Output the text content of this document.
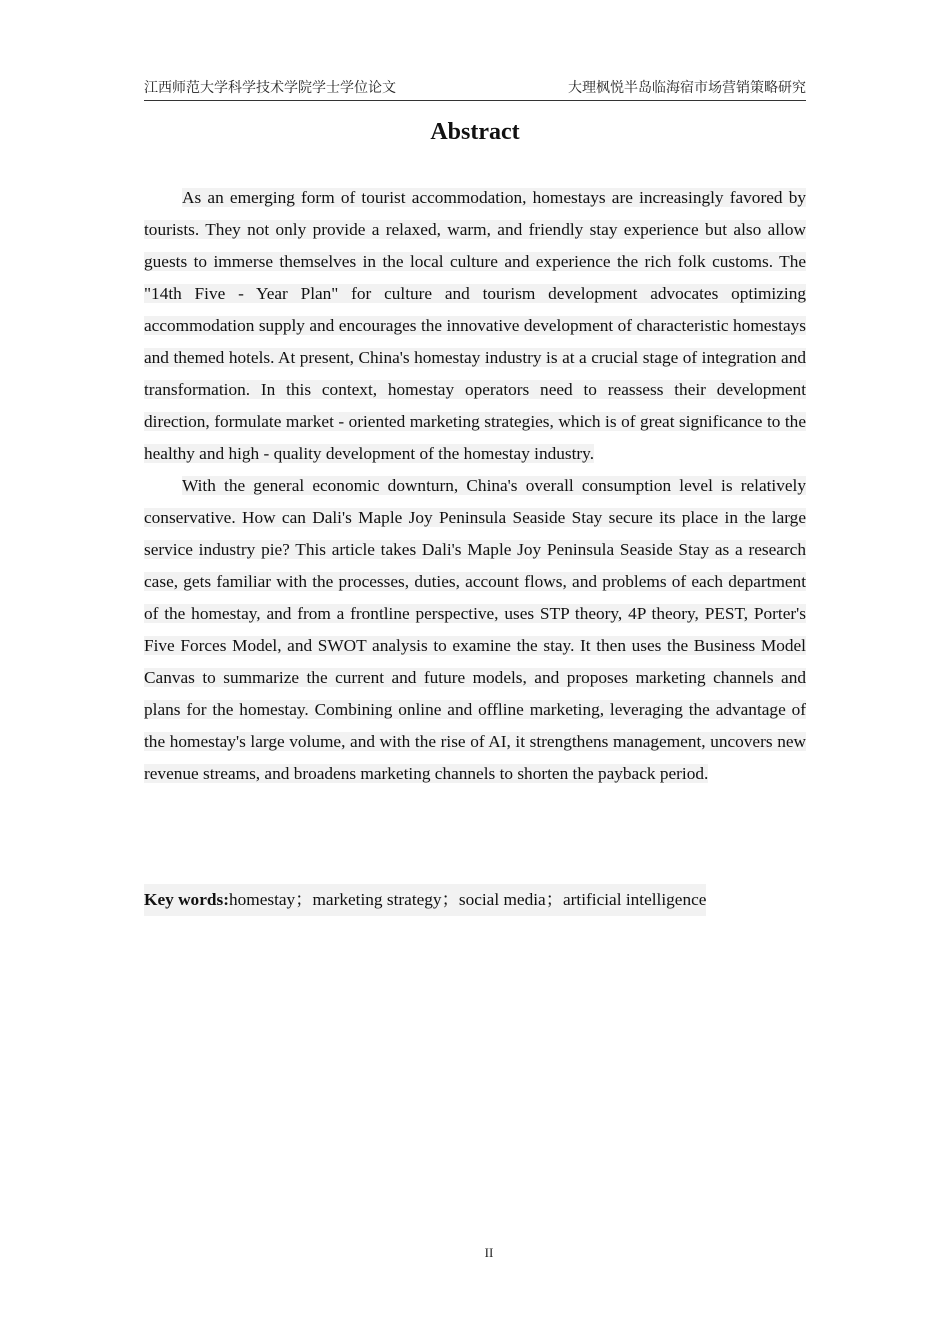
江西师范大学科学技术学院学士学位论文	大理枫悦半岛临海宿市场营销策略研究
Abstract

As an emerging form of tourist accommodation, homestays are increasingly favored by tourists. They not only provide a relaxed, warm, and friendly stay experience but also allow guests to immerse themselves in the local culture and experience the rich folk customs. The "14th Five - Year Plan" for culture and tourism development advocates optimizing accommodation supply and encourages the innovative development of characteristic homestays and themed hotels. At present, China's homestay industry is at a crucial stage of integration and transformation. In this context, homestay operators need to reassess their development direction, formulate market - oriented marketing strategies, which is of great significance to the healthy and high - quality development of the homestay industry.

With the general economic downturn, China's overall consumption level is relatively conservative. How can Dali's Maple Joy Peninsula Seaside Stay secure its place in the large service industry pie? This article takes Dali's Maple Joy Peninsula Seaside Stay as a research case, gets familiar with the processes, duties, account flows, and problems of each department of the homestay, and from a frontline perspective, uses STP theory, 4P theory, PEST, Porter's Five Forces Model, and SWOT analysis to examine the stay. It then uses the Business Model Canvas to summarize the current and future models, and proposes marketing channels and plans for the homestay. Combining online and offline marketing, leveraging the advantage of the homestay's large volume, and with the rise of AI, it strengthens management, uncovers new revenue streams, and broadens marketing channels to shorten the payback period.

Key words:homestay；marketing strategy；social media；artificial intelligence
II
